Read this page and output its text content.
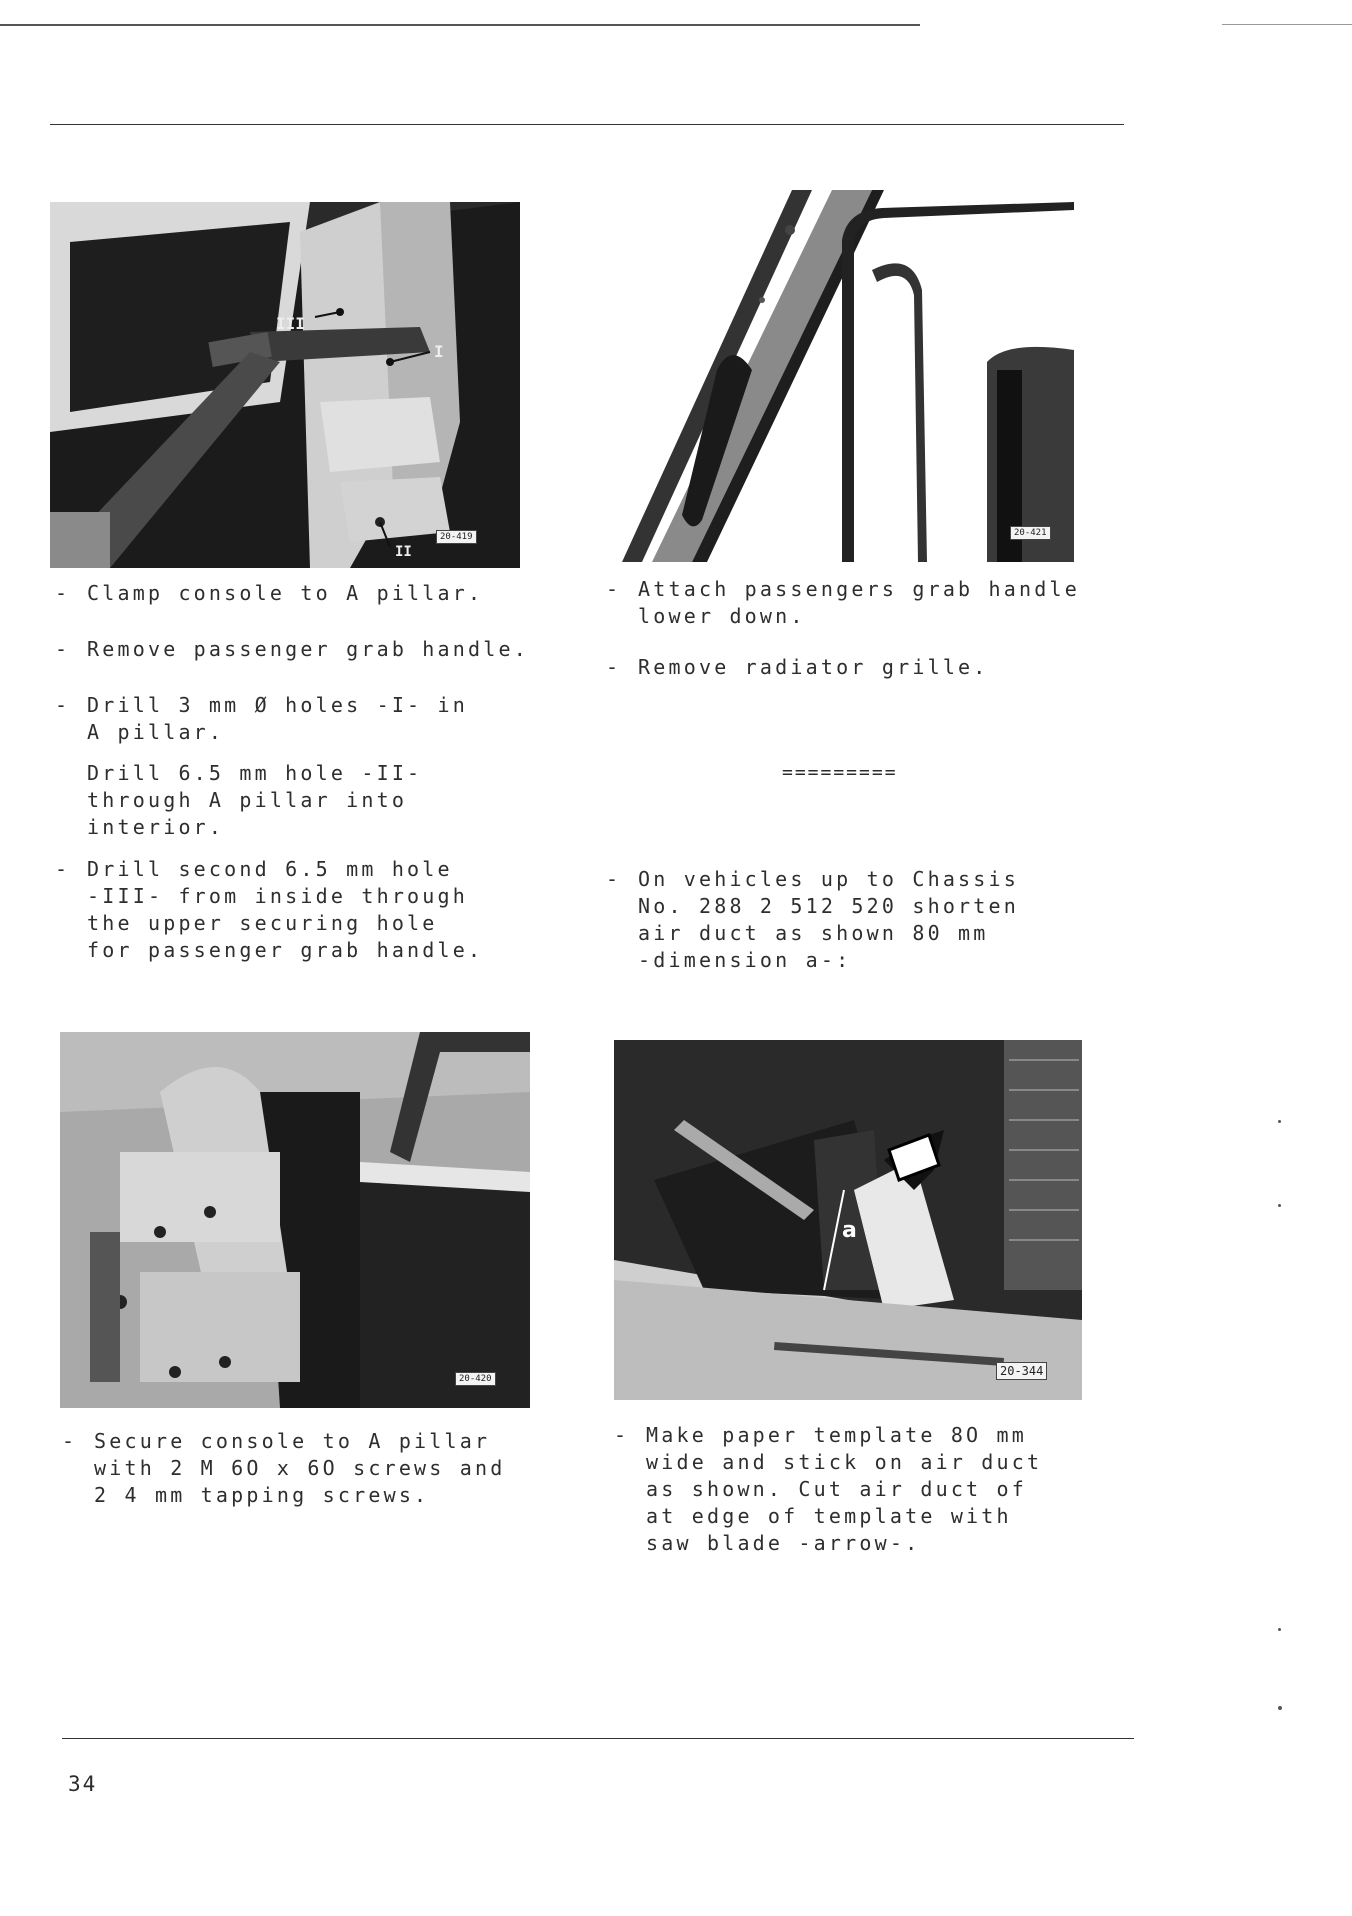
20-419
III
I
II
20-421

- Clamp console to A pillar.

- Remove passenger grab handle.

- Drill 3 mm Ø holes -I- in
A pillar.

Drill 6.5 mm hole -II-
through A pillar into
interior.

- Drill second 6.5 mm hole
-III- from inside through
the upper securing hole
for passenger grab handle.

- Attach passengers grab handle
lower down.

- Remove radiator grille.

=========

- On vehicles up to Chassis
No. 288 2 512 520 shorten
air duct as shown 80 mm
-dimension a-:

20-420
a
20-344

- Secure console to A pillar
with 2 M 6O x 6O screws and
2 4 mm tapping screws.

- Make paper template 8O mm
wide and stick on air duct
as shown. Cut air duct of
at edge of template with
saw blade -arrow-.

34
